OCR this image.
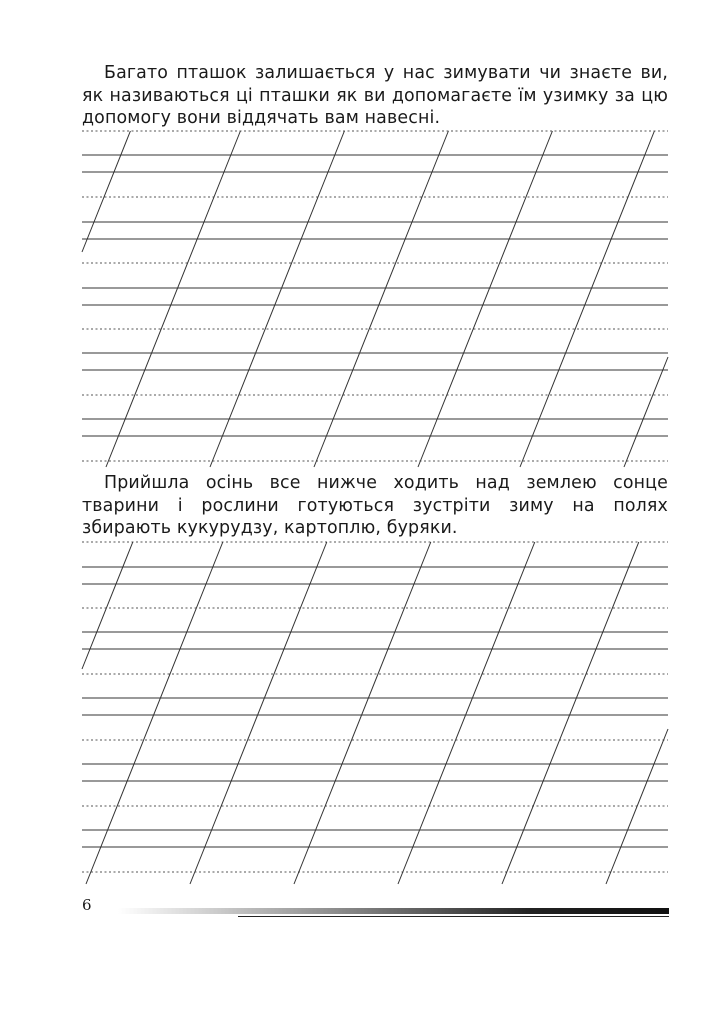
Багато пташок залишається у нас зимувати чи знаєте ви, як називаються ці пташки як ви допомагаєте їм узимку за цю допомогу вони віддячать вам навесні.

Прийшла осінь все нижче ходить над землею сонце тварини і рослини готуються зустріти зиму на полях збирають кукурудзу, картоплю, буряки.

6
